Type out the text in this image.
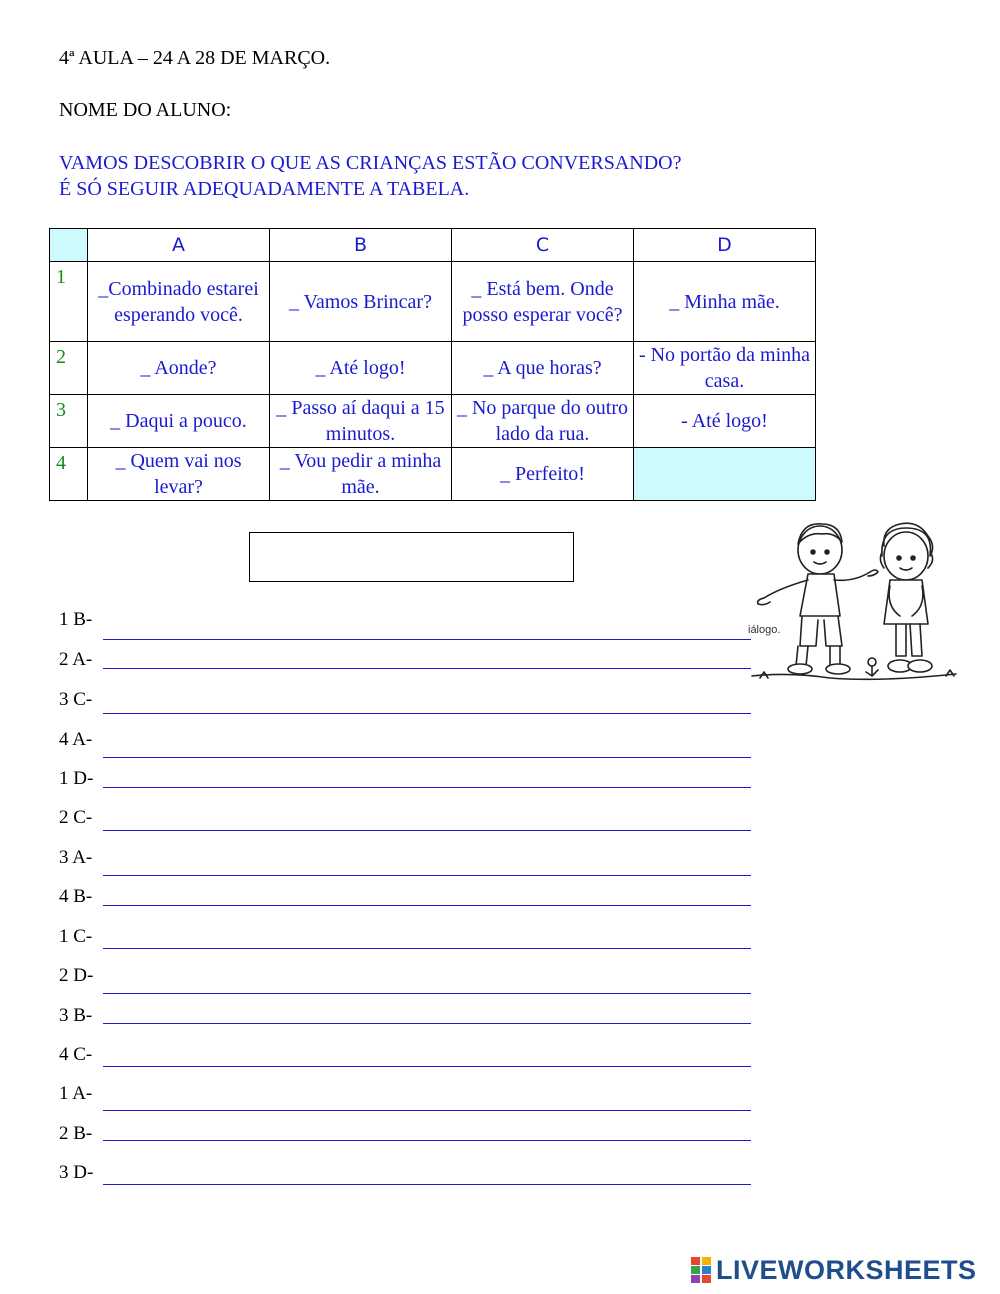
4ª AULA – 24 A 28 DE MARÇO.
NOME DO ALUNO:
VAMOS DESCOBRIR O QUE AS CRIANÇAS ESTÃO CONVERSANDO?
É SÓ SEGUIR ADEQUADAMENTE A TABELA.
	A	B	C	D
1	_Combinado estarei esperando você.	_ Vamos Brincar?	_ Está bem. Onde posso esperar você?	_ Minha mãe.
2	_ Aonde?	_ Até logo!	_ A que horas?	- No portão da minha casa.
3	_ Daqui a pouco.	_ Passo aí daqui a 15 minutos.	_ No parque do outro lado da rua.	- Até logo!
4	_ Quem vai nos levar?	_ Vou pedir a minha mãe.	_ Perfeito!	
iálogo.
1 B-
2 A-
3 C-
4 A-
1 D-
2 C-
3 A-
4 B-
1 C-
2 D-
3 B-
4 C-
1 A-
2 B-
3 D-
LIVEWORKSHEETS
